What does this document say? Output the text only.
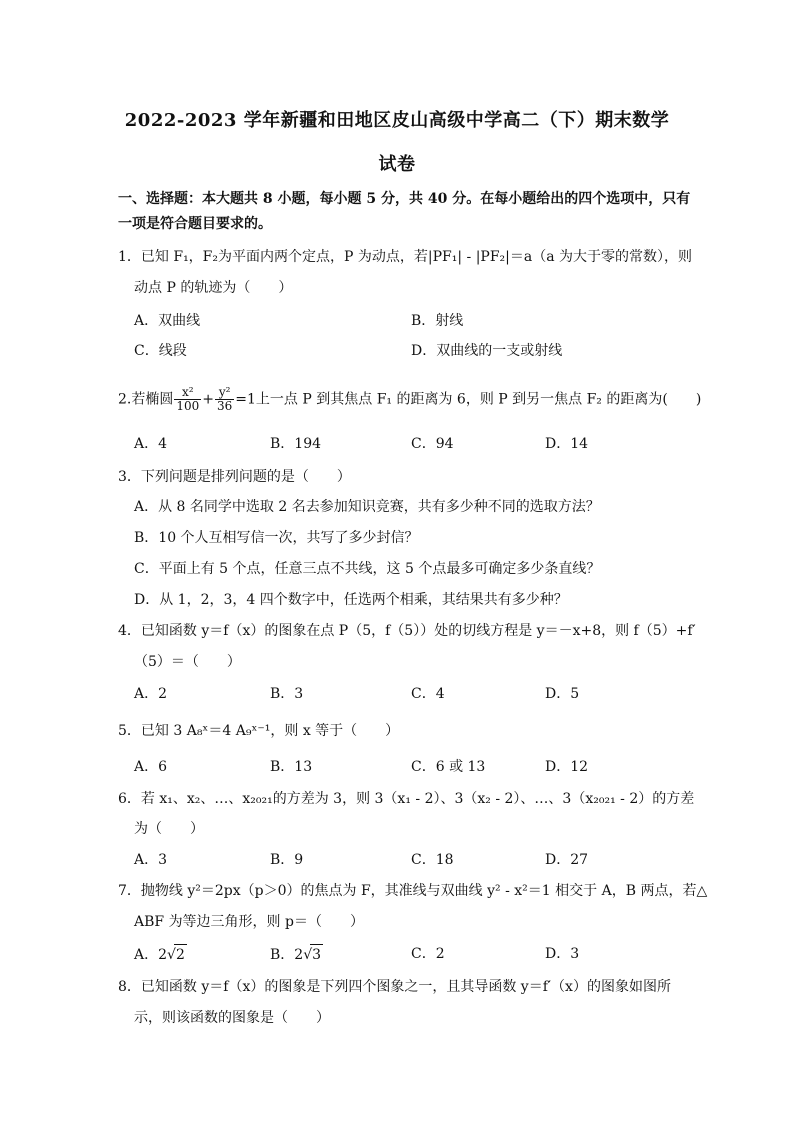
2022-2023 学年新疆和田地区皮山高级中学高二（下）期末数学
试卷
一、选择题：本大题共 8 小题，每小题 5 分，共 40 分。在每小题给出的四个选项中，只有
一项是符合题目要求的。
1．已知 F₁，F₂为平面内两个定点，P 为动点，若|PF₁| - |PF₂|＝a（a 为大于零的常数），则
动点 P 的轨迹为（　　）
A．双曲线	B．射线
C．线段	D．双曲线的一支或射线
2.若椭圆 $\frac{\text{x²}}{100} + \frac{\text{y²}}{36} =1$上一点 P 到其焦点 F₁ 的距离为 6，则 P 到另一焦点 F₂ 的距离为(　　)
A．4	B．194	C．94	D．14
3．下列问题是排列问题的是（　　）
A．从 8 名同学中选取 2 名去参加知识竞赛，共有多少种不同的选取方法？
B．10 个人互相写信一次，共写了多少封信？
C．平面上有 5 个点，任意三点不共线，这 5 个点最多可确定多少条直线？
D．从 1，2，3，4 四个数字中，任选两个相乘，其结果共有多少种？
4．已知函数 y＝f（x）的图象在点 P（5，f（5））处的切线方程是 y＝－x+8，则 f（5）+f′
（5）＝（　　）
A．2	B．3	C．4	D．5
5．已知 3 A₈ˣ＝4 A₉ˣ⁻¹，则 x 等于（　　）
A．6	B．13	C．6 或 13	D．12
6．若 x₁、x₂、…、x₂₀₂₁的方差为 3，则 3（x₁ - 2）、3（x₂ - 2）、…、3（x₂₀₂₁ - 2）的方差
为（　　）
A．3	B．9	C．18	D．27
7．抛物线 y²＝2px（p＞0）的焦点为 F，其准线与双曲线 y² - x²＝1 相交于 A，B 两点，若△
ABF 为等边三角形，则 p＝（　　）
A．2√2	B．2√3	C．2	D．3
8．已知函数 y＝f（x）的图象是下列四个图象之一，且其导函数 y＝f′（x）的图象如图所
示，则该函数的图象是（　　）
